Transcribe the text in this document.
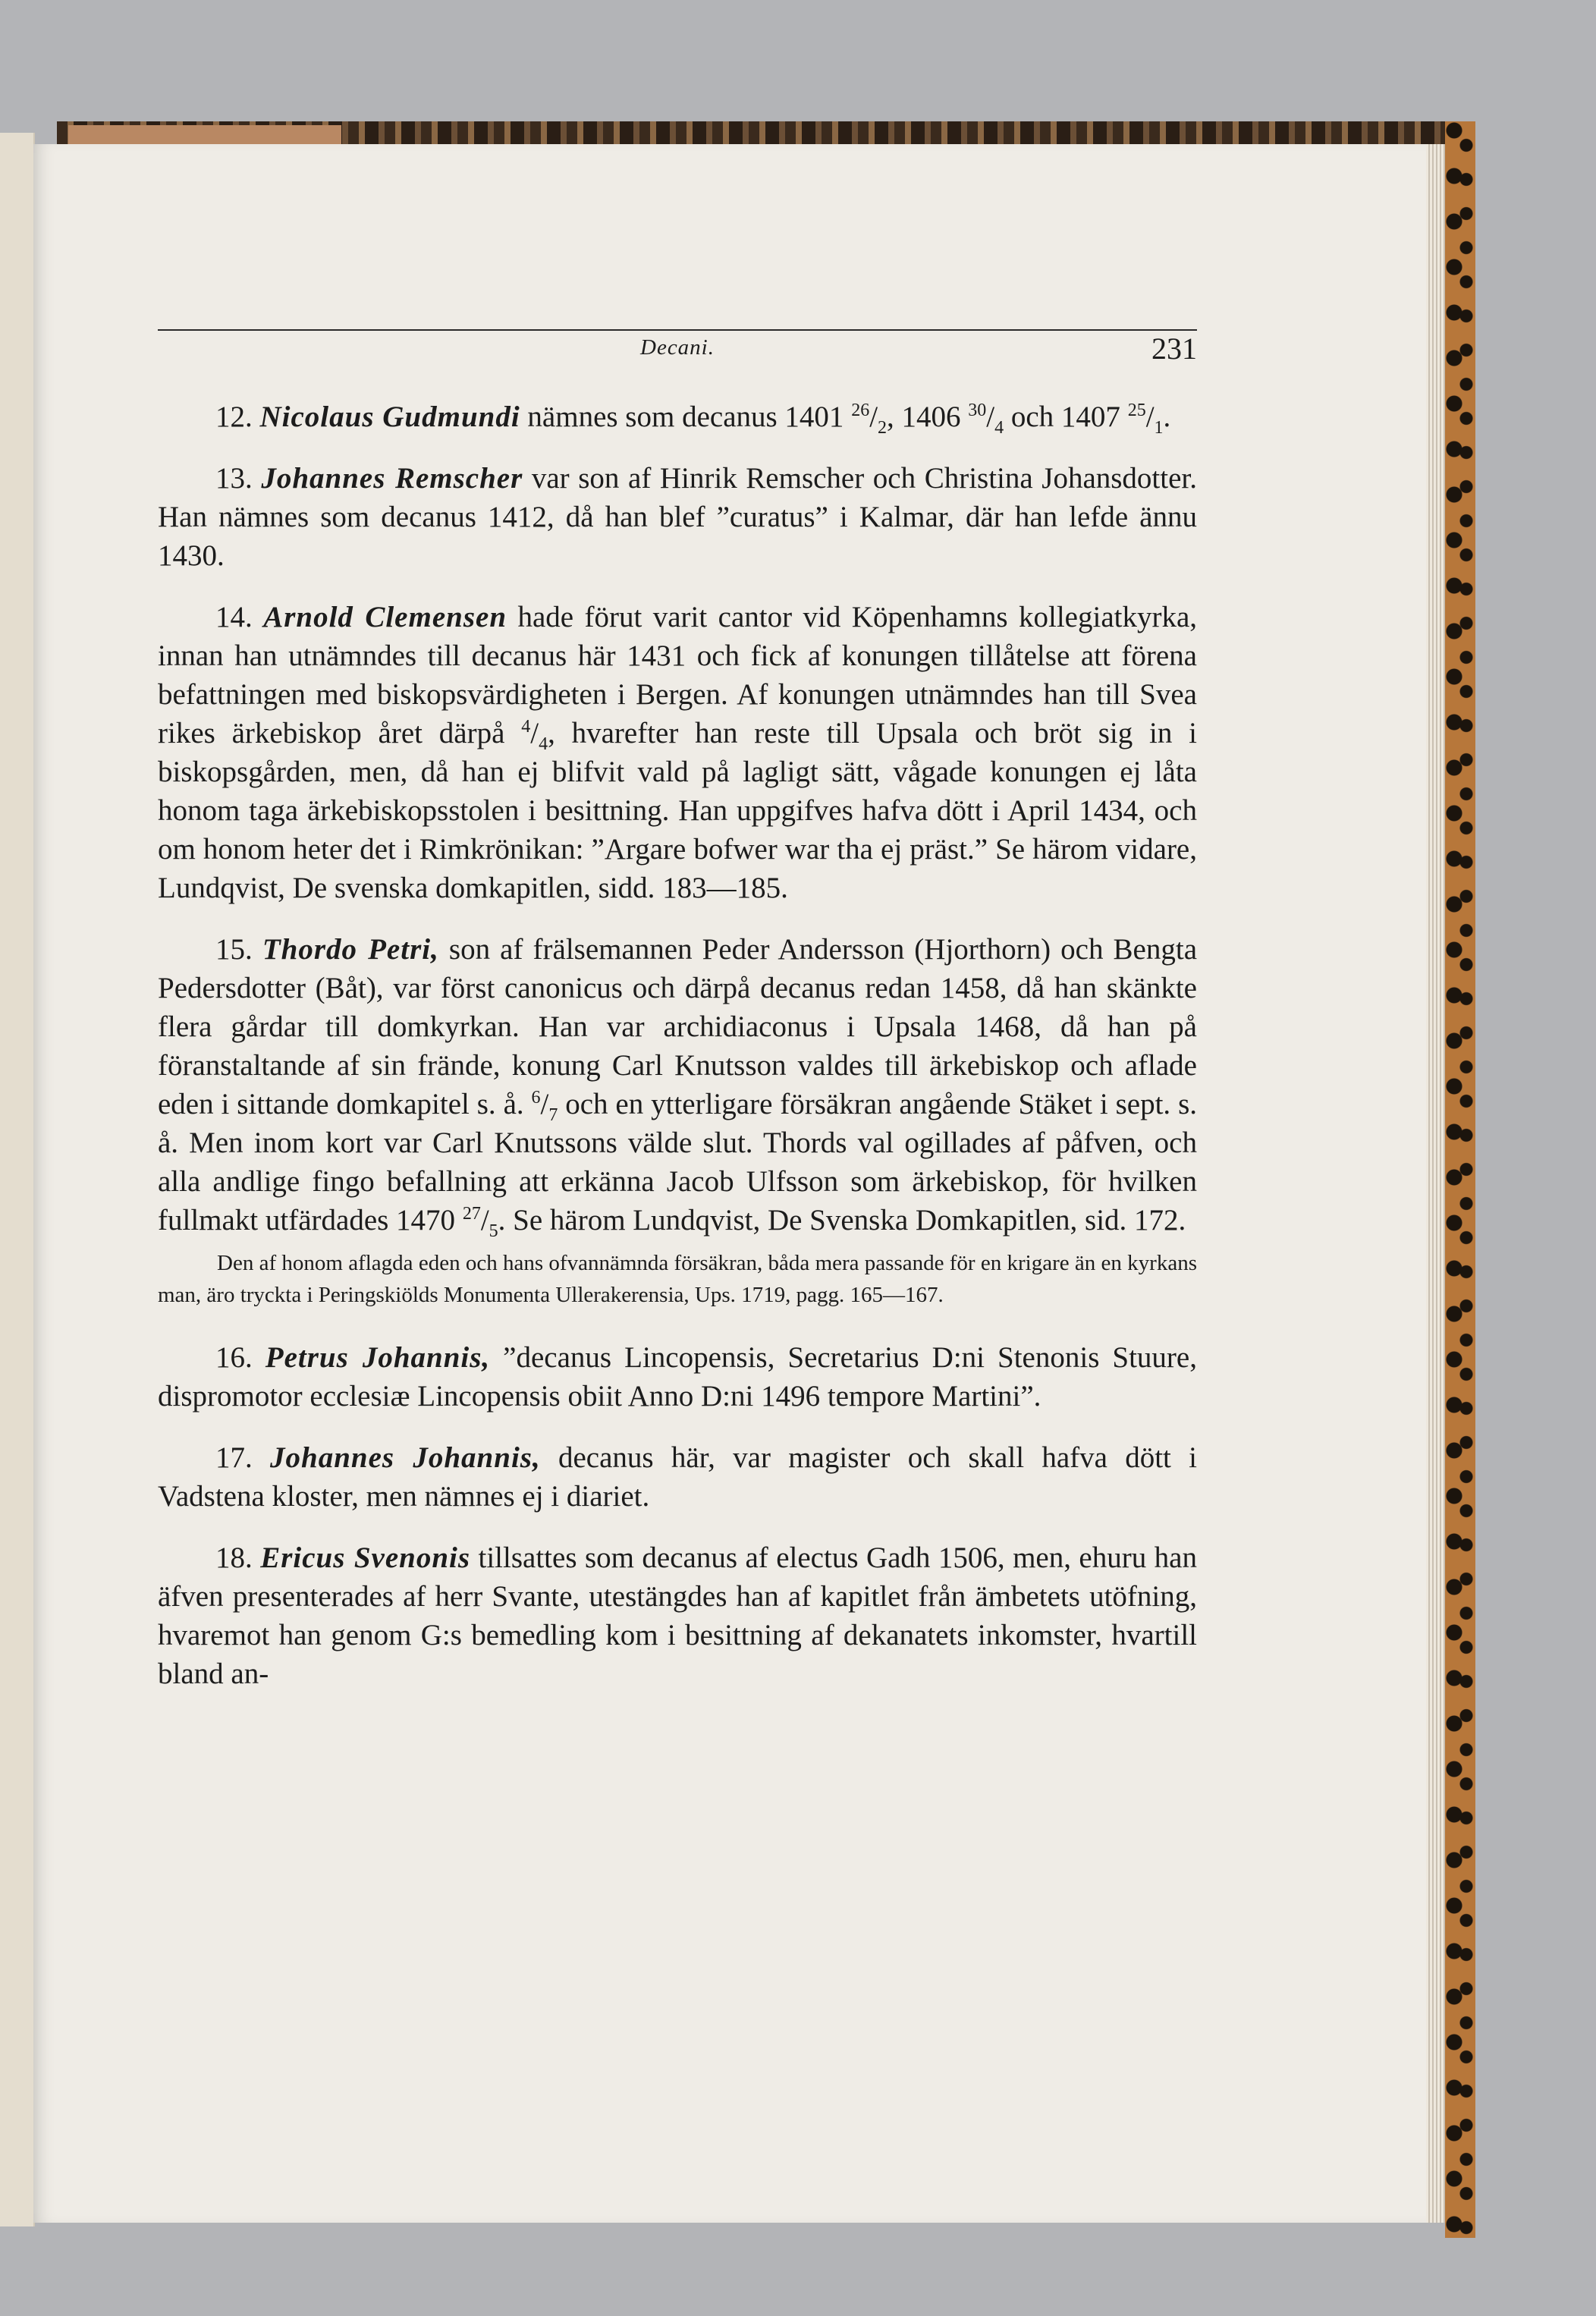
Decani.	231

12. Nicolaus Gudmundi nämnes som decanus 1401 $^{26}/_2$, 1406 $^{30}/_4$ och 1407 $^{25}/_1$.

13. Johannes Remscher var son af Hinrik Remscher och Christina Johansdotter. Han nämnes som decanus 1412, då han blef ”curatus” i Kalmar, där han lefde ännu 1430.

14. Arnold Clemensen hade förut varit cantor vid Köpenhamns kollegiatkyrka, innan han utnämndes till decanus här 1431 och fick af konungen tillåtelse att förena befattningen med biskopsvärdigheten i Bergen. Af konungen utnämndes han till Svea rikes ärkebiskop året därpå $^4/_4$, hvarefter han reste till Upsala och bröt sig in i biskopsgården, men, då han ej blifvit vald på lagligt sätt, vågade konungen ej låta honom taga ärkebiskopsstolen i besittning. Han uppgifves hafva dött i April 1434, och om honom heter det i Rimkrönikan: ”Argare bofwer war tha ej präst.” Se härom vidare, Lundqvist, De svenska domkapitlen, sidd. 183—185.

15. Thordo Petri, son af frälsemannen Peder Andersson (Hjorthorn) och Bengta Pedersdotter (Båt), var först canonicus och därpå decanus redan 1458, då han skänkte flera gårdar till domkyrkan. Han var archidiaconus i Upsala 1468, då han på föranstaltande af sin frände, konung Carl Knutsson valdes till ärkebiskop och aflade eden i sittande domkapitel s. å. $^6/_7$ och en ytterligare försäkran angående Stäket i sept. s. å. Men inom kort var Carl Knutssons välde slut. Thords val ogillades af påfven, och alla andlige fingo befallning att erkänna Jacob Ulfsson som ärkebiskop, för hvilken fullmakt utfärdades 1470 $^{27}/_5$. Se härom Lundqvist, De Svenska Domkapitlen, sid. 172.

Den af honom aflagda eden och hans ofvannämnda försäkran, båda mera passande för en krigare än en kyrkans man, äro tryckta i Peringskiölds Monumenta Ullerakerensia, Ups. 1719, pagg. 165—167.

16. Petrus Johannis, ”decanus Lincopensis, Secretarius D:ni Stenonis Stuure, dispromotor ecclesiæ Lincopensis obiit Anno D:ni 1496 tempore Martini”.

17. Johannes Johannis, decanus här, var magister och skall hafva dött i Vadstena kloster, men nämnes ej i diariet.

18. Ericus Svenonis tillsattes som decanus af electus Gadh 1506, men, ehuru han äfven presenterades af herr Svante, utestängdes han af kapitlet från ämbetets utöfning, hvaremot han genom G:s bemedling kom i besittning af dekanatets inkomster, hvartill bland an-
